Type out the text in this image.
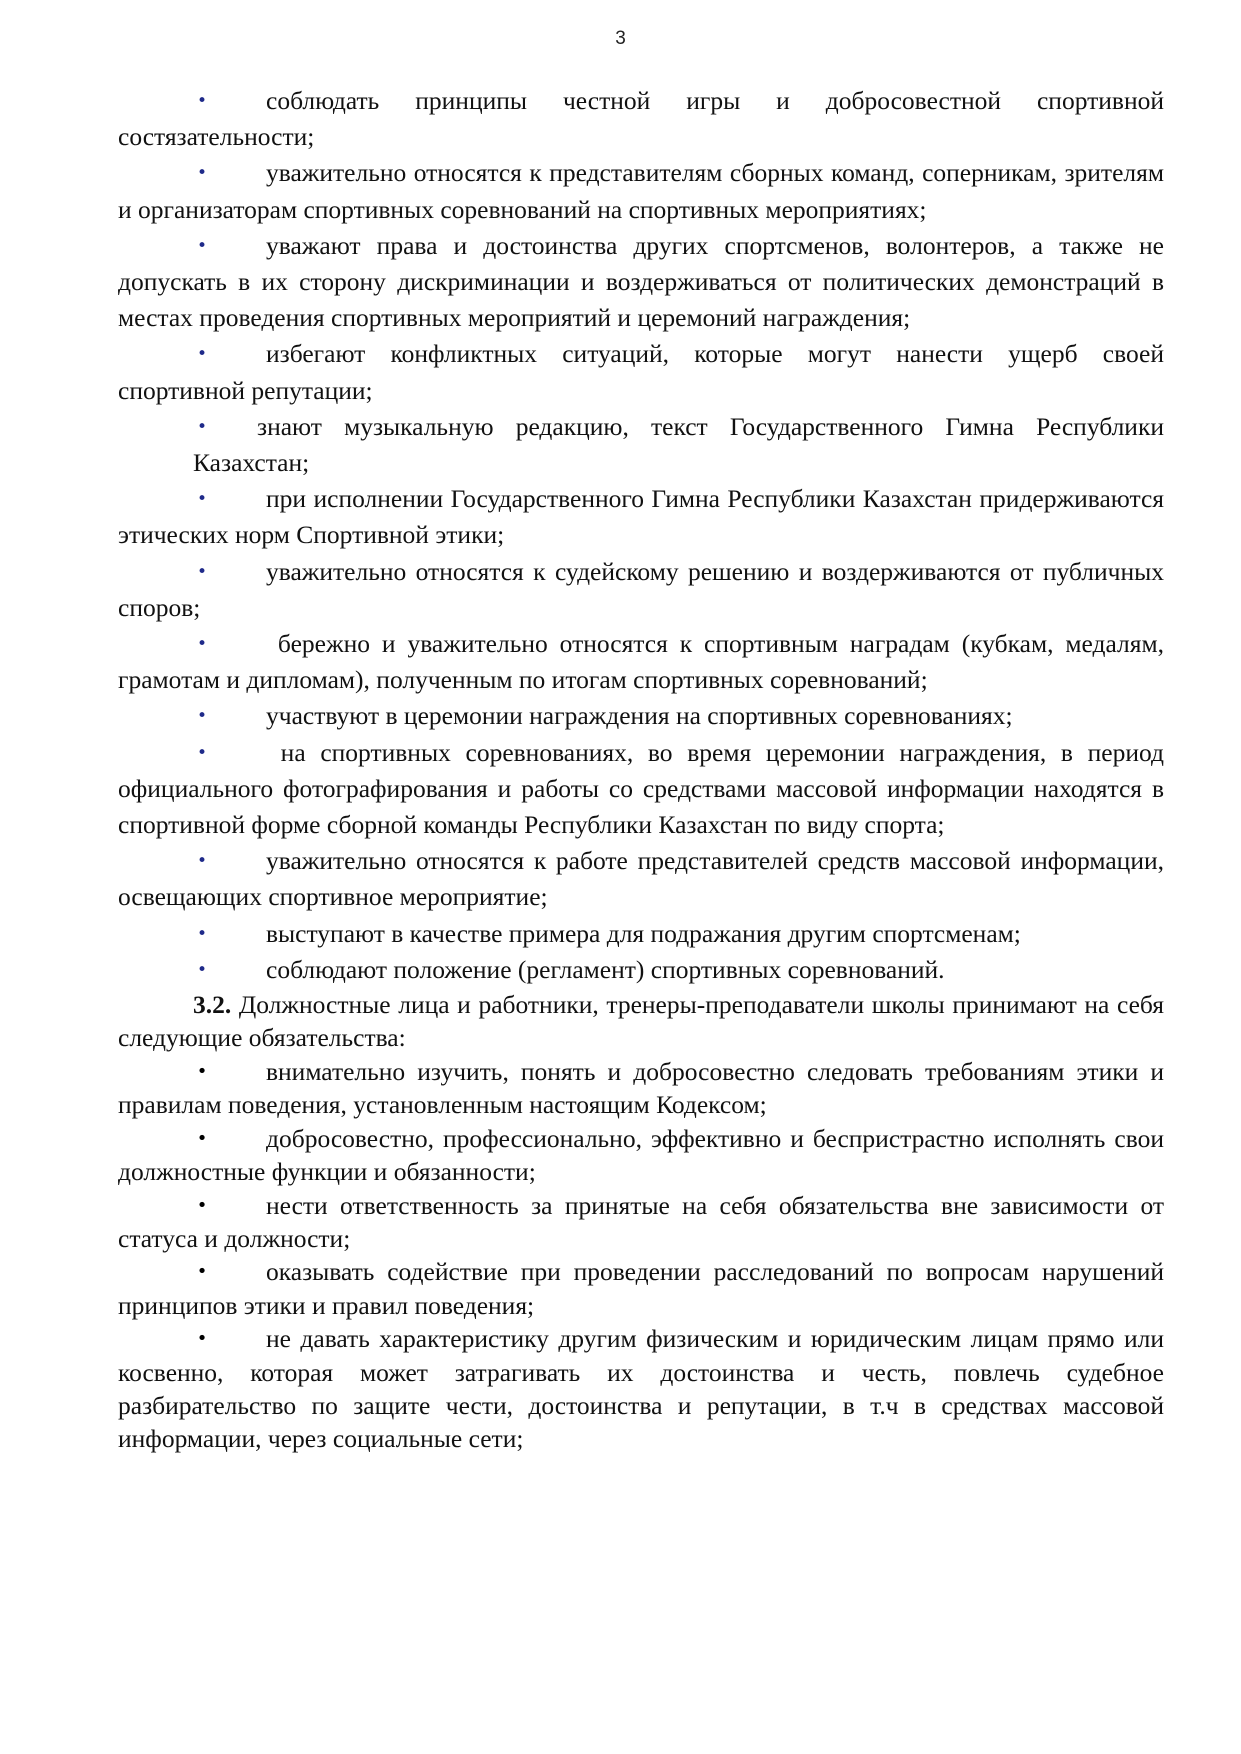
3

• соблюдать принципы честной игры и добросовестной спортивной состязательности;

• уважительно относятся к представителям сборных команд, соперникам, зрителям и организаторам спортивных соревнований на спортивных мероприятиях;

• уважают права и достоинства других спортсменов, волонтеров, а также не допускать в их сторону дискриминации и воздерживаться от политических демонстраций в местах проведения спортивных мероприятий и церемоний награждения;

• избегают конфликтных ситуаций, которые могут нанести ущерб своей спортивной репутации;

• знают музыкальную редакцию, текст Государственного Гимна Республики Казахстан;

• при исполнении Государственного Гимна Республики Казахстан придерживаются этических норм Спортивной этики;

• уважительно относятся к судейскому решению и воздерживаются от публичных споров;

• бережно и уважительно относятся к спортивным наградам (кубкам, медалям, грамотам и дипломам), полученным по итогам спортивных соревнований;

• участвуют в церемонии награждения на спортивных соревнованиях;

• на спортивных соревнованиях, во время церемонии награждения, в период официального фотографирования и работы со средствами массовой информации находятся в спортивной форме сборной команды Республики Казахстан по виду спорта;

• уважительно относятся к работе представителей средств массовой информации, освещающих спортивное мероприятие;

• выступают в качестве примера для подражания другим спортсменам;

• соблюдают положение (регламент) спортивных соревнований.

3.2. Должностные лица и работники, тренеры-преподаватели школы принимают на себя следующие обязательства:

• внимательно изучить, понять и добросовестно следовать требованиям этики и правилам поведения, установленным настоящим Кодексом;

• добросовестно, профессионально, эффективно и беспристрастно исполнять свои должностные функции и обязанности;

• нести ответственность за принятые на себя обязательства вне зависимости от статуса и должности;

• оказывать содействие при проведении расследований по вопросам нарушений принципов этики и правил поведения;

• не давать характеристику другим физическим и юридическим лицам прямо или косвенно, которая может затрагивать их достоинства и честь, повлечь судебное разбирательство по защите чести, достоинства и репутации, в т.ч в средствах массовой информации, через социальные сети;
